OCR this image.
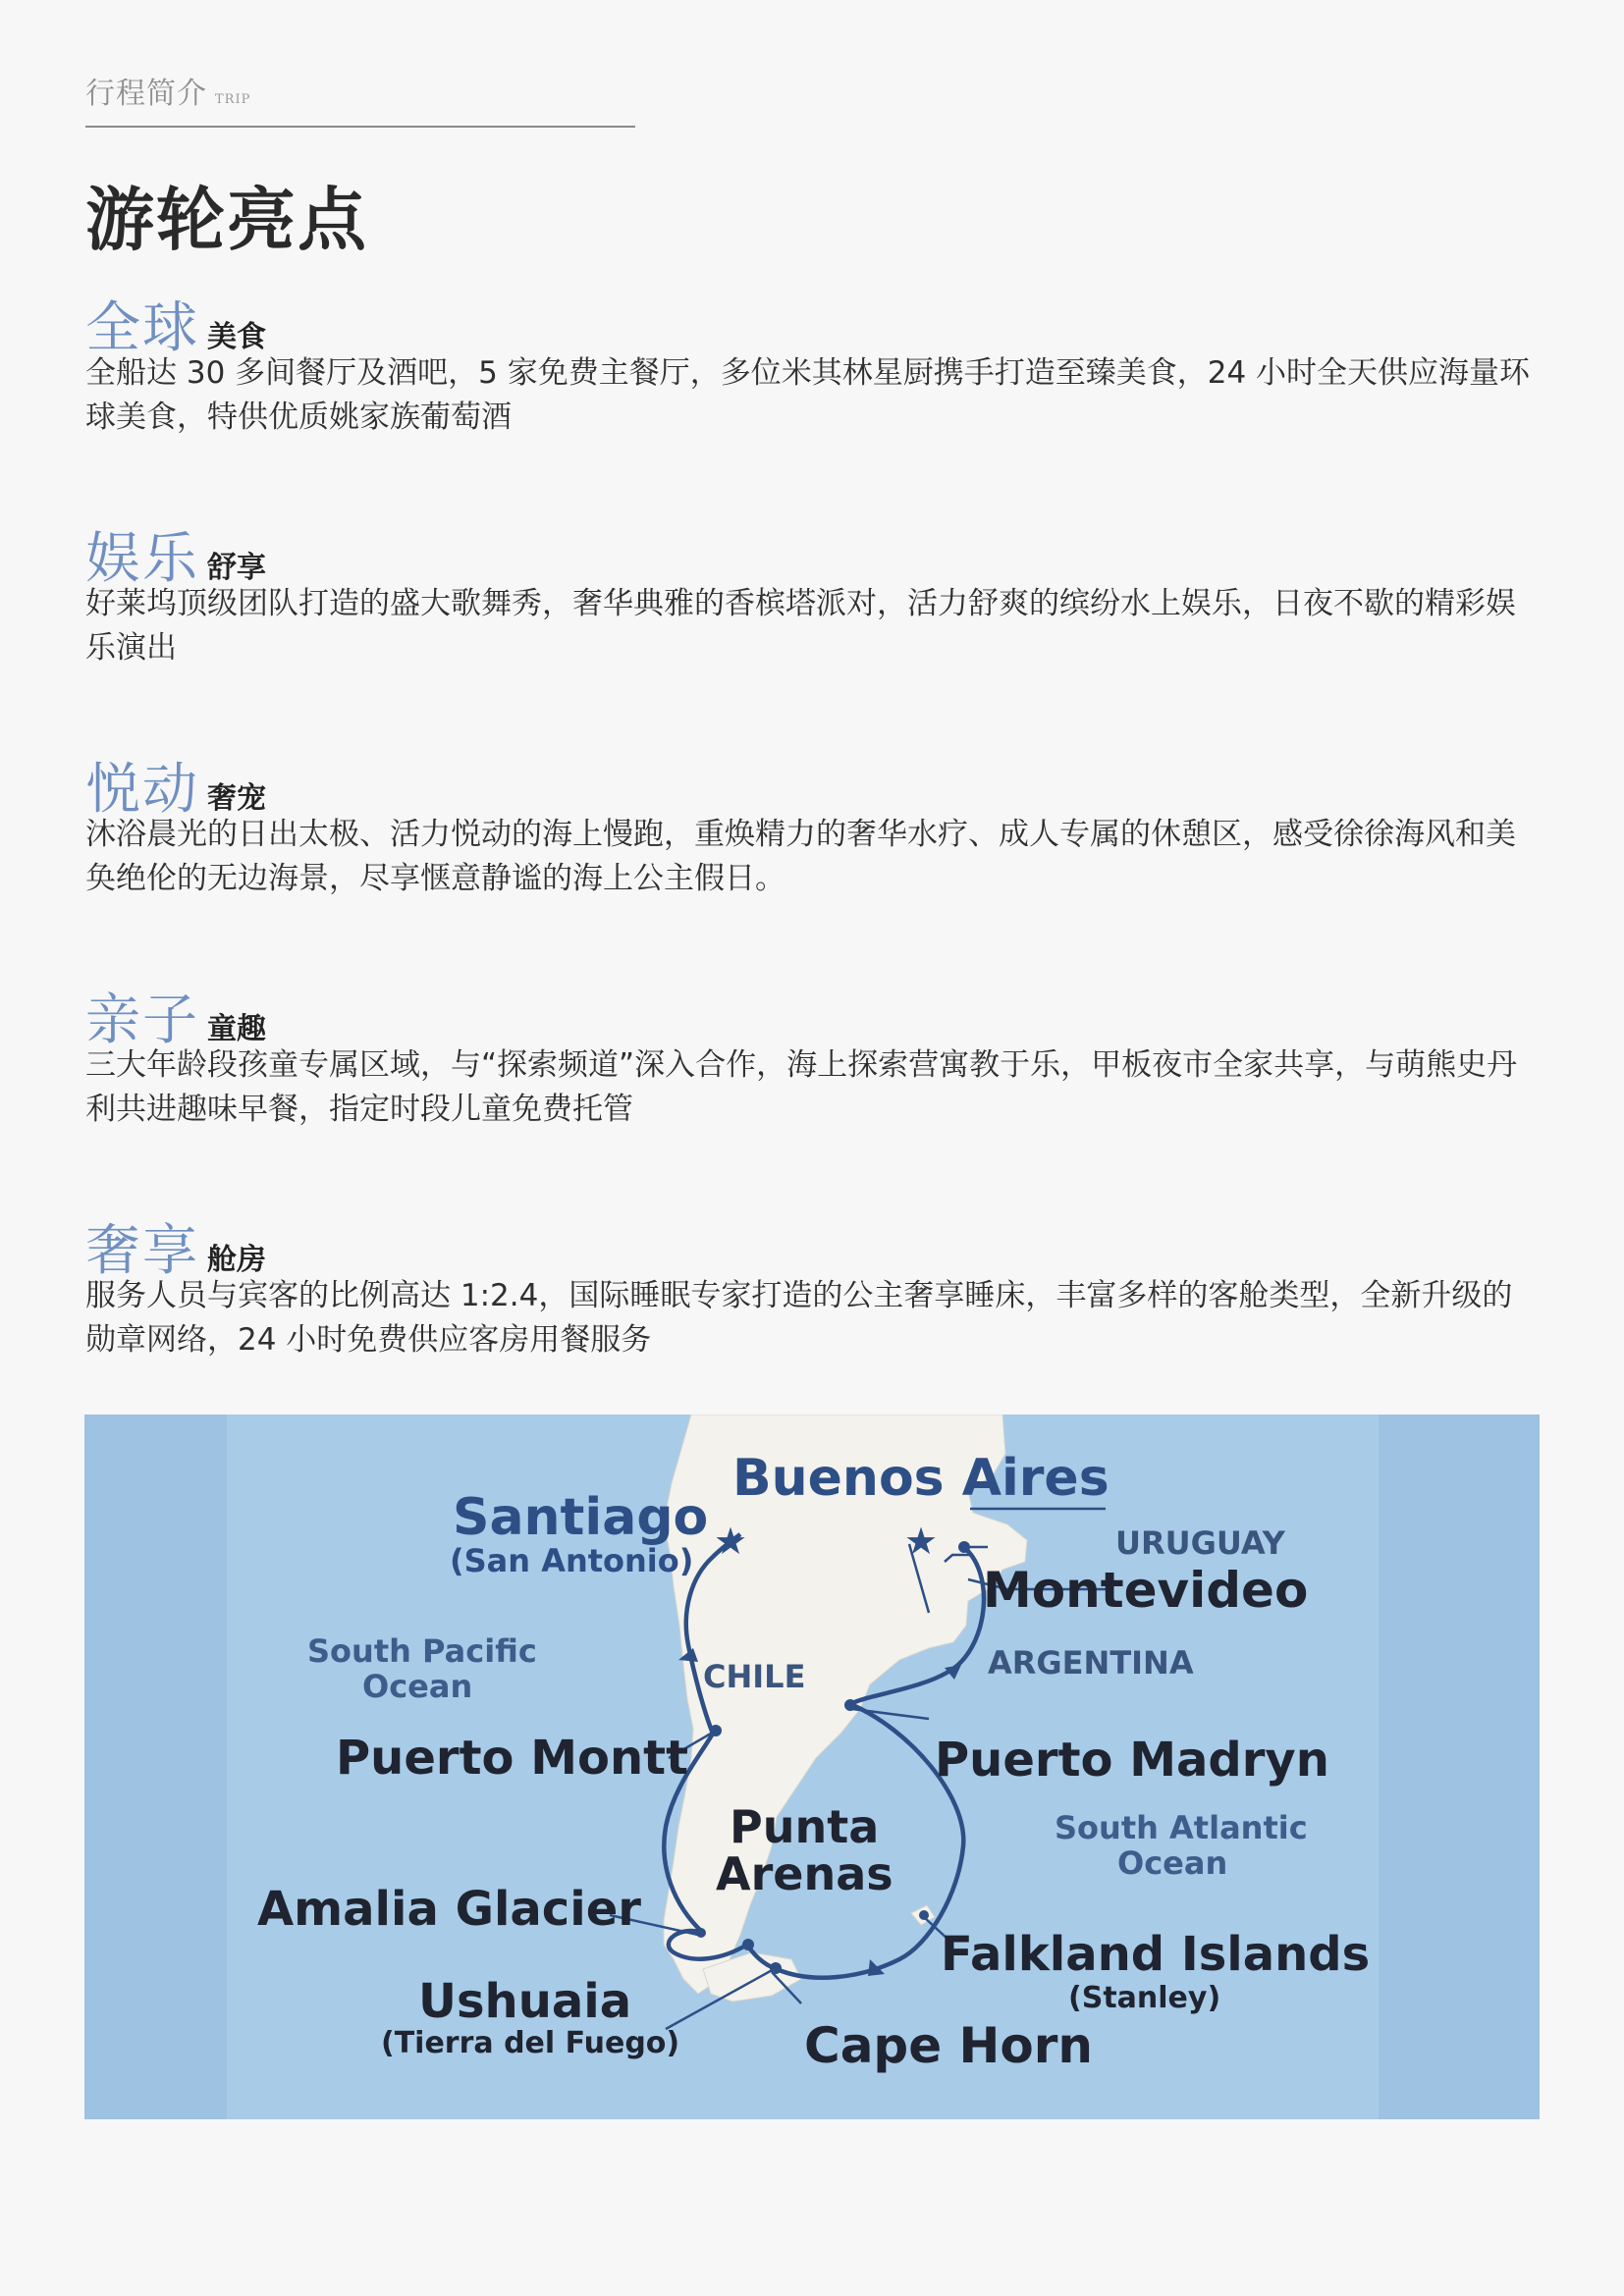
行程简介 TRIP
游轮亮点
全球 美食
全船达 30 多间餐厅及酒吧，5 家免费主餐厅，多位米其林星厨携手打造至臻美食，24 小时全天供应海量环球美食，特供优质姚家族葡萄酒
娱乐 舒享
好莱坞顶级团队打造的盛大歌舞秀，奢华典雅的香槟塔派对，活力舒爽的缤纷水上娱乐，日夜不歇的精彩娱乐演出
悦动 奢宠
沐浴晨光的日出太极、活力悦动的海上慢跑，重焕精力的奢华水疗、成人专属的休憩区，感受徐徐海风和美奂绝伦的无边海景，尽享惬意静谧的海上公主假日。
亲子 童趣
三大年龄段孩童专属区域，与“探索频道”深入合作，海上探索营寓教于乐，甲板夜市全家共享，与萌熊史丹利共进趣味早餐，指定时段儿童免费托管
奢享 舱房
服务人员与宾客的比例高达 1:2.4，国际睡眠专家打造的公主奢享睡床，丰富多样的客舱类型，全新升级的勋章网络，24 小时免费供应客房用餐服务
★	★
Buenos Aires
Santiago
(San Antonio)	URUGUAY
Montevideo
South Pacific
Ocean	CHILE	ARGENTINA
Puerto Montt	Puerto Madryn
Punta
Arenas
South Atlantic
Ocean
Amalia Glacier
Falkland Islands
(Stanley)
Ushuaia
(Tierra del Fuego)	Cape Horn
